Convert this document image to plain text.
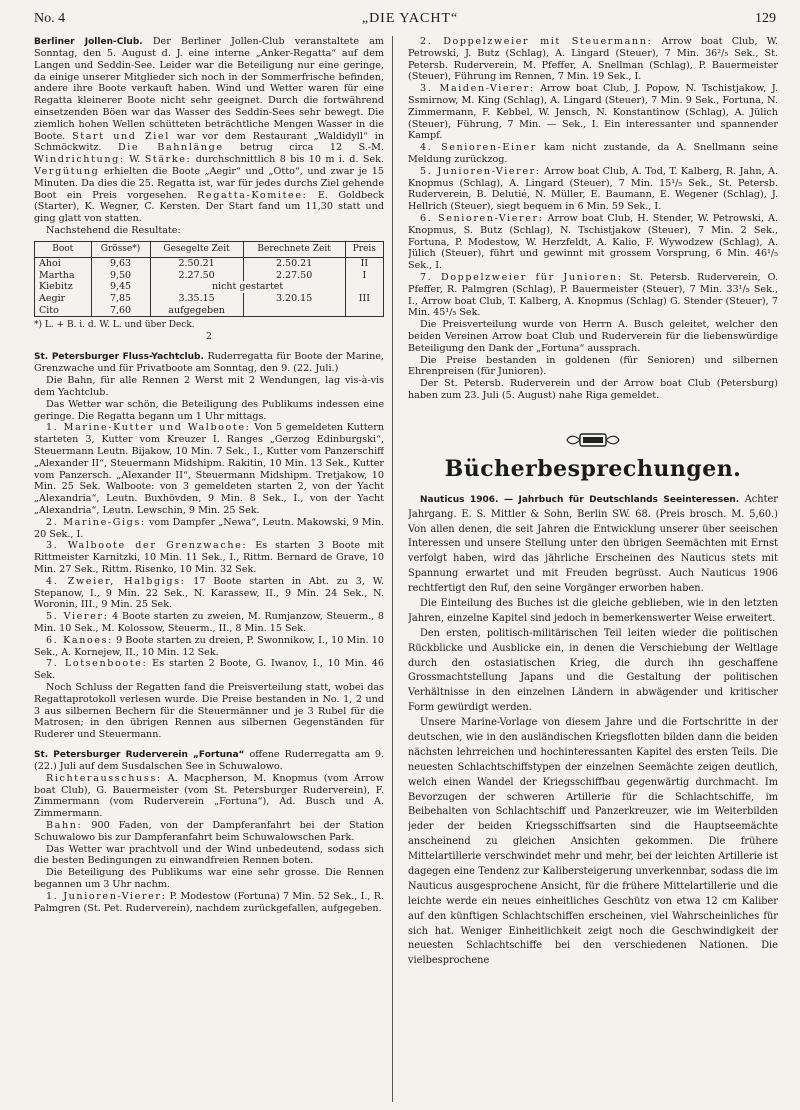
No. 4	„DIE YACHT“	129

Berliner Jollen-Club. Der Berliner Jollen-Club veranstaltete am Sonntag, den 5. August d. J. eine interne „Anker-Regatta“ auf dem Langen und Seddin-See. Leider war die Beteiligung nur eine geringe, da einige unserer Mitglieder sich noch in der Sommerfrische befinden, andere ihre Boote verkauft haben. Wind und Wetter waren für eine Regatta kleinerer Boote nicht sehr geeignet. Durch die fortwährend einsetzenden Böen war das Wasser des Seddin-Sees sehr bewegt. Die ziemlich hohen Wellen schütteten beträchtliche Mengen Wasser in die Boote. Start und Ziel war vor dem Restaurant „Waldidyll“ in Schmöckwitz. Die Bahnlänge betrug circa 12 S.-M. Windrichtung: W. Stärke: durchschnittlich 8 bis 10 m i. d. Sek. Vergütung erhielten die Boote „Aegir“ und „Otto“, und zwar je 15 Minuten. Da dies die 25. Regatta ist, war für jedes durchs Ziel gehende Boot ein Preis vorgesehen. Regatta-Komitee: E. Goldbeck (Starter), K. Wegner, C. Kersten. Der Start fand um 11,30 statt und ging glatt von statten.

Nachstehend die Resultate:

Boot	Grösse*)	Gesegelte Zeit	Berechnete Zeit	Preis
Ahoi	9,63	2.50.21	2.50.21	II
Martha	9,50	2.27.50	2.27.50	I
Kiebitz	9,45	nicht gestartet		
Aegir	7,85	3.35.15	3.20.15	III
Cito	7,60	aufgegeben		
*) L. + B. i. d. W. L. und über Deck.
2

St. Petersburger Fluss-Yachtclub. Ruderregatta für Boote der Marine, Grenzwache und für Privatboote am Sonntag, den 9. (22. Juli.)

Die Bahn, für alle Rennen 2 Werst mit 2 Wendungen, lag vis-à-vis dem Yachtclub.

Das Wetter war schön, die Beteiligung des Publikums indessen eine geringe. Die Regatta begann um 1 Uhr mittags.

1. Marine-Kutter und Walboote: Von 5 gemeldeten Kuttern starteten 3, Kutter vom Kreuzer I. Ranges „Gerzog Edinburgski“, Steuermann Leutn. Bijakow, 10 Min. 7 Sek., I., Kutter vom Panzerschiff „Alexander II“, Steuermann Midshipm. Rakitin, 10 Min. 13 Sek., Kutter vom Panzersch. „Alexander II“, Steuermann Midshipm. Tretjakow, 10 Min. 25 Sek. Walboote: von 3 gemeldeten starten 2, von der Yacht „Alexandria“, Leutn. Buxhövden, 9 Min. 8 Sek., I., von der Yacht „Alexandria“, Leutn. Lewschin, 9 Min. 25 Sek.

2. Marine-Gigs: vom Dampfer „Newa“, Leutn. Makowski, 9 Min. 20 Sek., I.

3. Walboote der Grenzwache: Es starten 3 Boote mit Rittmeister Karnitzki, 10 Min. 11 Sek., I., Rittm. Bernard de Grave, 10 Min. 27 Sek., Rittm. Risenko, 10 Min. 32 Sek.

4. Zweier, Halbgigs: 17 Boote starten in Abt. zu 3, W. Stepanow, I., 9 Min. 22 Sek., N. Karassew, II., 9 Min. 24 Sek., N. Woronin, III., 9 Min. 25 Sek.

5. Vierer: 4 Boote starten zu zweien, M. Rumjanzow, Steuerm., 8 Min. 10 Sek., M. Kolossow, Steuerm., II., 8 Min. 15 Sek.

6. Kanoes: 9 Boote starten zu dreien, P. Swonnikow, I., 10 Min. 10 Sek., A. Kornejew, II., 10 Min. 12 Sek.

7. Lotsenboote: Es starten 2 Boote, G. Iwanov, I., 10 Min. 46 Sek.

Noch Schluss der Regatten fand die Preisverteilung statt, wobei das Regattaprotokoll verlesen wurde. Die Preise bestanden in No. 1, 2 und 3 aus silbernen Bechern für die Steuermänner und je 3 Rubel für die Matrosen; in den übrigen Rennen aus silbernen Gegenständen für Ruderer und Steuermann.

St. Petersburger Ruderverein „Fortuna“ offene Ruderregatta am 9. (22.) Juli auf dem Susdalschen See in Schuwalowo.

Richterausschuss: A. Macpherson, M. Knopmus (vom Arrow boat Club), G. Bauermeister (vom St. Petersburger Ruderverein), F. Zimmermann (vom Ruderverein „Fortuna“), Ad. Busch und A. Zimmermann.

Bahn: 900 Faden, von der Dampferanfahrt bei der Station Schuwalowo bis zur Dampferanfahrt beim Schuwalowschen Park.

Das Wetter war prachtvoll und der Wind unbedeutend, sodass sich die besten Bedingungen zu einwandfreien Rennen boten.

Die Beteiligung des Publikums war eine sehr grosse. Die Rennen begannen um 3 Uhr nachm.

1. Junioren-Vierer: P. Modestow (Fortuna) 7 Min. 52 Sek., I., R. Palmgren (St. Pet. Ruderverein), nachdem zurückgefallen, aufgegeben.

2. Doppelzweier mit Steuermann: Arrow boat Club, W. Petrowski, J. Butz (Schlag), A. Lingard (Steuer), 7 Min. 36²/₅ Sek., St. Petersb. Ruderverein, M. Pfeffer, A. Snellman (Schlag), P. Bauermeister (Steuer), Führung im Rennen, 7 Min. 19 Sek., I.

3. Maiden-Vierer: Arrow boat Club, J. Popow, N. Tschistjakow, J. Ssmirnow, M. King (Schlag), A. Lingard (Steuer), 7 Min. 9 Sek., Fortuna, N. Zimmermann, F. Kebbel, W. Jensch, N. Konstantinow (Schlag), A. Jülich (Steuer), Führung, 7 Min. — Sek., I. Ein interessanter und spannender Kampf.

4. Senioren-Einer kam nicht zustande, da A. Snellmann seine Meldung zurückzog.

5. Junioren-Vierer: Arrow boat Club, A. Tod, T. Kalberg, R. Jahn, A. Knopmus (Schlag), A. Lingard (Steuer), 7 Min. 15¹/₅ Sek., St. Petersb. Ruderverein, B. Delutié, N. Müller, E. Baumann, E. Wegener (Schlag), J. Hellrich (Steuer), siegt bequem in 6 Min. 59 Sek., I.

6. Senioren-Vierer: Arrow boat Club, H. Stender, W. Petrowski, A. Knopmus, S. Butz (Schlag), N. Tschistjakow (Steuer), 7 Min. 2 Sek., Fortuna, P. Modestow, W. Herzfeldt, A. Kalio, F. Wywodzew (Schlag), A. Jülich (Steuer), führt und gewinnt mit grossem Vorsprung, 6 Min. 46¹/₅ Sek., I.

7. Doppelzweier für Junioren: St. Petersb. Ruderverein, O. Pfeffer, R. Palmgren (Schlag), P. Bauermeister (Steuer), 7 Min. 33¹/₅ Sek., I., Arrow boat Club, T. Kalberg, A. Knopmus (Schlag) G. Stender (Steuer), 7 Min. 45¹/₅ Sek.

Die Preisverteilung wurde von Herrn A. Busch geleitet, welcher den beiden Vereinen Arrow boat Club und Ruderverein für die liebenswürdige Beteiligung den Dank der „Fortuna“ aussprach.

Die Preise bestanden in goldenen (für Senioren) und silbernen Ehrenpreisen (für Junioren).

Der St. Petersb. Ruderverein und der Arrow boat Club (Petersburg) haben zum 23. Juli (5. August) nahe Riga gemeldet.

Bücherbesprechungen.

Nauticus 1906. — Jahrbuch für Deutschlands Seeinteressen. Achter Jahrgang. E. S. Mittler & Sohn, Berlin SW. 68. (Preis brosch. M. 5,60.) Von allen denen, die seit Jahren die Entwicklung unserer über seeischen Interessen und unsere Stellung unter den übrigen Seemächten mit Ernst verfolgt haben, wird das jährliche Erscheinen des Nauticus stets mit Spannung erwartet und mit Freuden begrüsst. Auch Nauticus 1906 rechtfertigt den Ruf, den seine Vorgänger erworben haben.

Die Einteilung des Buches ist die gleiche geblieben, wie in den letzten Jahren, einzelne Kapitel sind jedoch in bemerkenswerter Weise erweitert.

Den ersten, politisch-militärischen Teil leiten wieder die politischen Rückblicke und Ausblicke ein, in denen die Verschiebung der Weltlage durch den ostasiatischen Krieg, die durch ihn geschaffene Grossmachtstellung Japans und die Gestaltung der politischen Verhältnisse in den einzelnen Ländern in abwägender und kritischer Form gewürdigt werden.

Unsere Marine-Vorlage von diesem Jahre und die Fortschritte in der deutschen, wie in den ausländischen Kriegsflotten bilden dann die beiden nächsten lehrreichen und hochinteressanten Kapitel des ersten Teils. Die neuesten Schlachtschiffstypen der einzelnen Seemächte zeigen deutlich, welch einen Wandel der Kriegsschiffbau gegenwärtig durchmacht. Im Bevorzugen der schweren Artillerie für die Schlachtschiffe, im Beibehalten von Schlachtschiff und Panzerkreuzer, wie im Weiterbilden jeder der beiden Kriegsschiffsarten sind die Hauptseemächte anscheinend zu gleichen Ansichten gekommen. Die frühere Mittelartillerie verschwindet mehr und mehr, bei der leichten Artillerie ist dagegen eine Tendenz zur Kalibersteigerung unverkennbar, sodass die im Nauticus ausgesprochene Ansicht, für die frühere Mittelartillerie und die leichte werde ein neues einheitliches Geschütz von etwa 12 cm Kaliber auf den künftigen Schlachtschiffen erscheinen, viel Wahrscheinliches für sich hat. Weniger Einheitlichkeit zeigt noch die Geschwindigkeit der neuesten Schlachtschiffe bei den verschiedenen Nationen. Die vielbesprochene
